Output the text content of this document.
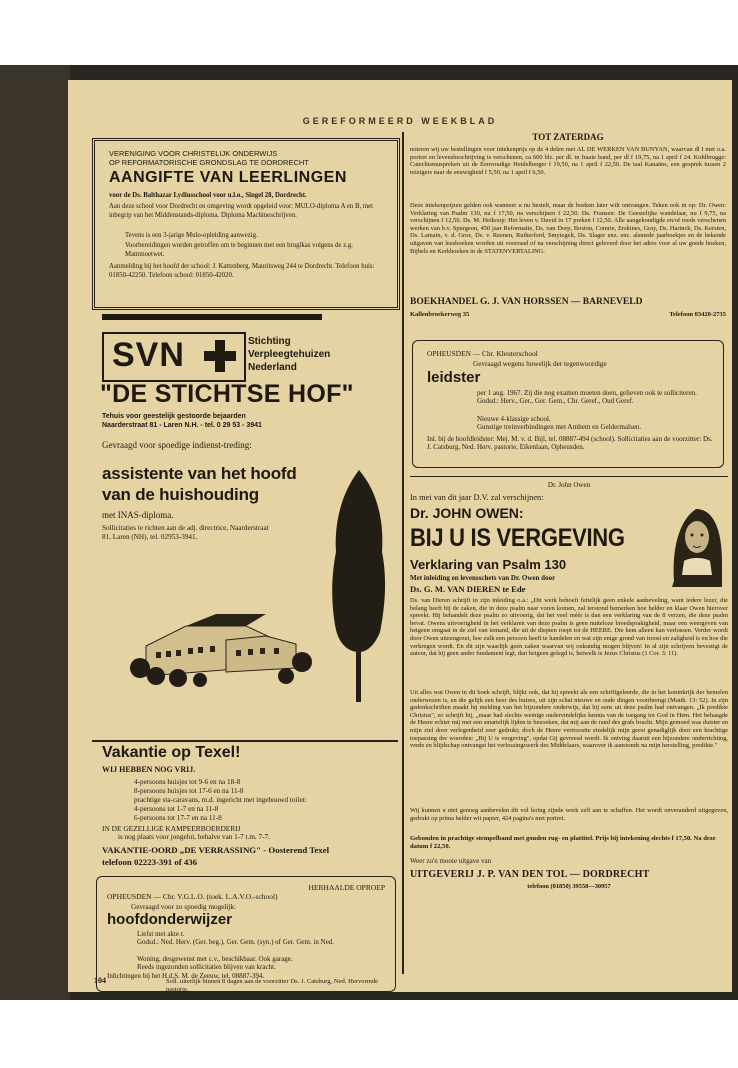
GEREFORMEERD WEEKBLAD
VERENIGING VOOR CHRISTELIJK ONDERWIJS
OP REFORMATORISCHE GRONDSLAG TE DORDRECHT
AANGIFTE VAN LEERLINGEN
voor de Ds. Balthazar Lydiusschool voor u.l.o., Singel 28, Dordrecht.
Aan deze school voor Dordrecht en omgeving wordt opgeleid voor: MULO-diploma A en B, met inbegrip van het Middenstands-diploma. Diploma Machineschrijven.
Tevens is een 3-jarige Mulo-opleiding aanwezig.
Voorbereidingen worden getroffen om te beginnen met een bruglkas volgens de z.g. Mammoetwet.
Aanmelding bij het hoofd der school: J. Kattenberg, Mauritsweg 244 te Dordrecht. Telefoon huis: 01850-42250. Telefoon school: 01850-42020.
SVN	Stichting
Verpleegtehuizen
Nederland
"DE STICHTSE HOF"
Tehuis voor geestelijk gestoorde bejaarden
Naarderstraat 81 - Laren N.H. - tel. 0 29 53 - 3941
Gevraagd voor spoedige indienst-treding:
assistente van het hoofd
van de huishouding
met INAS-diploma.
Sollicitaties te richten aan de adj. directrice, Naarderstraat 81, Laren (NH), tel. 02953-3941.
Vakantie op Texel!
WIJ HEBBEN NOG VRIJ.
4-persoons huisjes tot 9-6 en na 18-8
8-persoons huisjes tot 17-6 en na 11-8
prachtige sta-caravans, m.d. ingericht met ingebouwd toilet:
4-persoons tot 1-7 en na 11-8
6-persoons tot 17-7 en na 11-8
IN DE GEZELLIGE KAMPEERBOERDERIJ
is nog plaats voor jongelui, behalve van 1-7 t.m. 7-7.
VAKANTIE-OORD „DE VERRASSING" - Oosterend Texel
telefoon 02223-391 of 436
HERHAALDE OPROEP
OPHEUSDEN — Chr. V.G.L.O. (toek. L.A.V.O.-school)
Gevraagd voor zo spoedig mogelijk:
hoofdonderwijzer
Liefst met akte r.
Godsd.: Ned. Herv. (Ger. beg.), Ger. Gem. (syn.) of Ger. Gem. in Ned.
Woning, desgewenst met c.v., beschikbaar. Ook garage.
Reeds ingezonden sollicitaties blijven van kracht.
Inlichtingen bij het H.d.S. M. de Zeeuw, tel. 08887-394.
Soll. uiterlijk binnen 8 dagen aan de voorzitter Ds. J. Catsburg, Ned. Hervormde pastorie.
104
TOT ZATERDAG
noteren wij uw bestellingen voor intekenprijs op de 4 delen met AL DE WERKEN VAN BUNYAN, waarvan dl I met o.a. portret en levensbeschrijving is verschenen, ca 600 blz. per dl. in fraaie band, per dl f 19,75, na 1 april f 24. Kohlbrugge: Catechismuspreken uit de Eenvoudige Heidelberger f 19,50, na 1 april f 22,50. De taal Kanaäns, een gesprek tussen 2 reizigers naar de eeuwigheid f 5,50, na 1 april f 6,50.
Deze intekenprijzen gelden ook wanneer u nu bestelt, maar de boeken later wilt ontvangen. Teken ook in op: Dr. Owen: Verklaring van Psalm 130, nu f 17,50, na verschijnen f 22,50. Ds. Fransen: De Geestelijke wandelaar, nu f 9,75, na verschijnen f 12,50. Ds. M. Heikoop: Het leven v. David in 17 preken f 12,50. Alle aangekondigde en/of reeds verschenen werken van b.v. Spurgeon, 450 jaar Reformatie, Ds. van Dorp, Boston, Comrie, Erskines, Gray, Ds. Harinck, Ds. Kersten, Ds. Lamain, v. d. Groe, Ds. v. Reenen, Rutherford, Smytegelt, Ds. Slager enz. enz. alsmede jaarboekjes en de bekende uitgaven van leesboeken worden uit voorraad of na verschijning direct geleverd door het adres voor al uw goede boeken, Bijbels en Kerkboeken in de STATENVERTALING.
BOEKHANDEL G. J. VAN HORSSEN — BARNEVELD
Kallenbroekerweg 35	Telefoon 03420-2735
OPHEUSDEN — Chr. Kleuterschool
Gevraagd wegens huwelijk der tegenwoordige
leidster
per 1 aug. 1967. Zij die nog examen moeten doen, gelieven ook te solliciteren. Godsd.: Herv., Ger., Ger. Gem., Chr. Geref., Oud Geref.
Nieuwe 4-klassige school.
Gunstige treinverbindingen met Arnhem en Geldermalsen.
Inl. bij de hoofdleidster: Mej. M. v. d. Bijl, tel. 08887-494 (school). Sollicitaties aan de voorzitter: Ds. J. Catsburg, Ned. Herv. pastorie, Eikenlaan, Opheusden.
Dr. John Owen
In mei van dit jaar D.V. zal verschijnen:
Dr. JOHN OWEN:
BIJ U IS VERGEVING
Verklaring van Psalm 130
Met inleiding en levensschets van Dr. Owen door
Ds. G. M. VAN DIEREN te Ede
Ds. van Dieren schrijft in zijn inleiding o.a.: „Dit werk behoeft feitelijk geen enkele aanbeveling, want iedere lezer, die belang heeft bij de zaken, die in deze psalm naar voren komen, zal terstond bemerken hoe helder en klaar Owen hierover spreekt. Hij behandelt deze psalm zo uitvoerig, dat het veel méér is dan een verklaring van de 8 verzen, die deze psalm bevat. Owens uitvoerigheid in het verklaren van deze psalm is geen nutteloze breedsprakigheid, maar een weergeven van hetgeen omgaat in de ziel van iemand, die uit de diepten roept tot de HEERE. Die hem alleen kan verlossen. Verder wordt door Owen uiteengezet, hoe zulk een persoon heeft te handelen en wat zijn enige grond van troost en zaligheid is en hoe die verkregen wordt. En dit zijn waarlijk geen zaken waarvan wij onkundig mogen blijven! In al zijn schrijven bevestigt de auteur, dat hij geen ander fundament legt, dan hetgeen gelegd is, hetwelk is Jezus Christus (1 Cor. 3: 11).
Uit alles wat Owen in dit boek schrijft, blijkt ook, dat hij spreekt als een schriftgeleerde, die in het koninkrijk der hemelen onderwezen is, en die gelijk een heer des huizes, uit zijn schat nieuwe en oude dingen voortbrengt (Matth. 13: 52). In zijn gedenkschriften maakt hij melding van het bijzondere onderwijs, dat hij eens uit deze psalm had ontvangen. „Ik predikte Christus", zo schrijft hij, „maar had slechts weinige ondervindelijke kennis van de toegang tot God in Hem. Het behaagde de Heere echter mij met een smartelijk lijden te bezoeken, dat mij aan de rand des grafs bracht. Mijn gemoed was duister en mijn ziel door verlegenheid zeer gedrukt; doch de Heere vertroostte eindelijk mijn geest genadiglijk door een krachtige toepassing der woorden: „Bij U is vergeving", opdat Gij gevreesd wordt. Ik ontving daaruit een bijzondere onderrichting, vrede en blijdschap ontvangst het verlossingswerk des Middelaars, waarover ik aanstonds na mijn herstelling, predikte."
Wij kunnen u niet genoeg aanbevelen dit vol lering zijnde werk zelf aan te schaffen. Het wordt onveranderd uitgegeven, gedrukt op prima helder wit papier, 424 pagina's met portret.
Gebonden in prachtige stempelband met gouden rug- en plattitel. Prijs bij intekening slechts f 17,50. Na deze datum f 22,50.
Weer zo'n mooie uitgave van
UITGEVERIJ J. P. VAN DEN TOL — DORDRECHT
telefoon (01850) 39558—30957
